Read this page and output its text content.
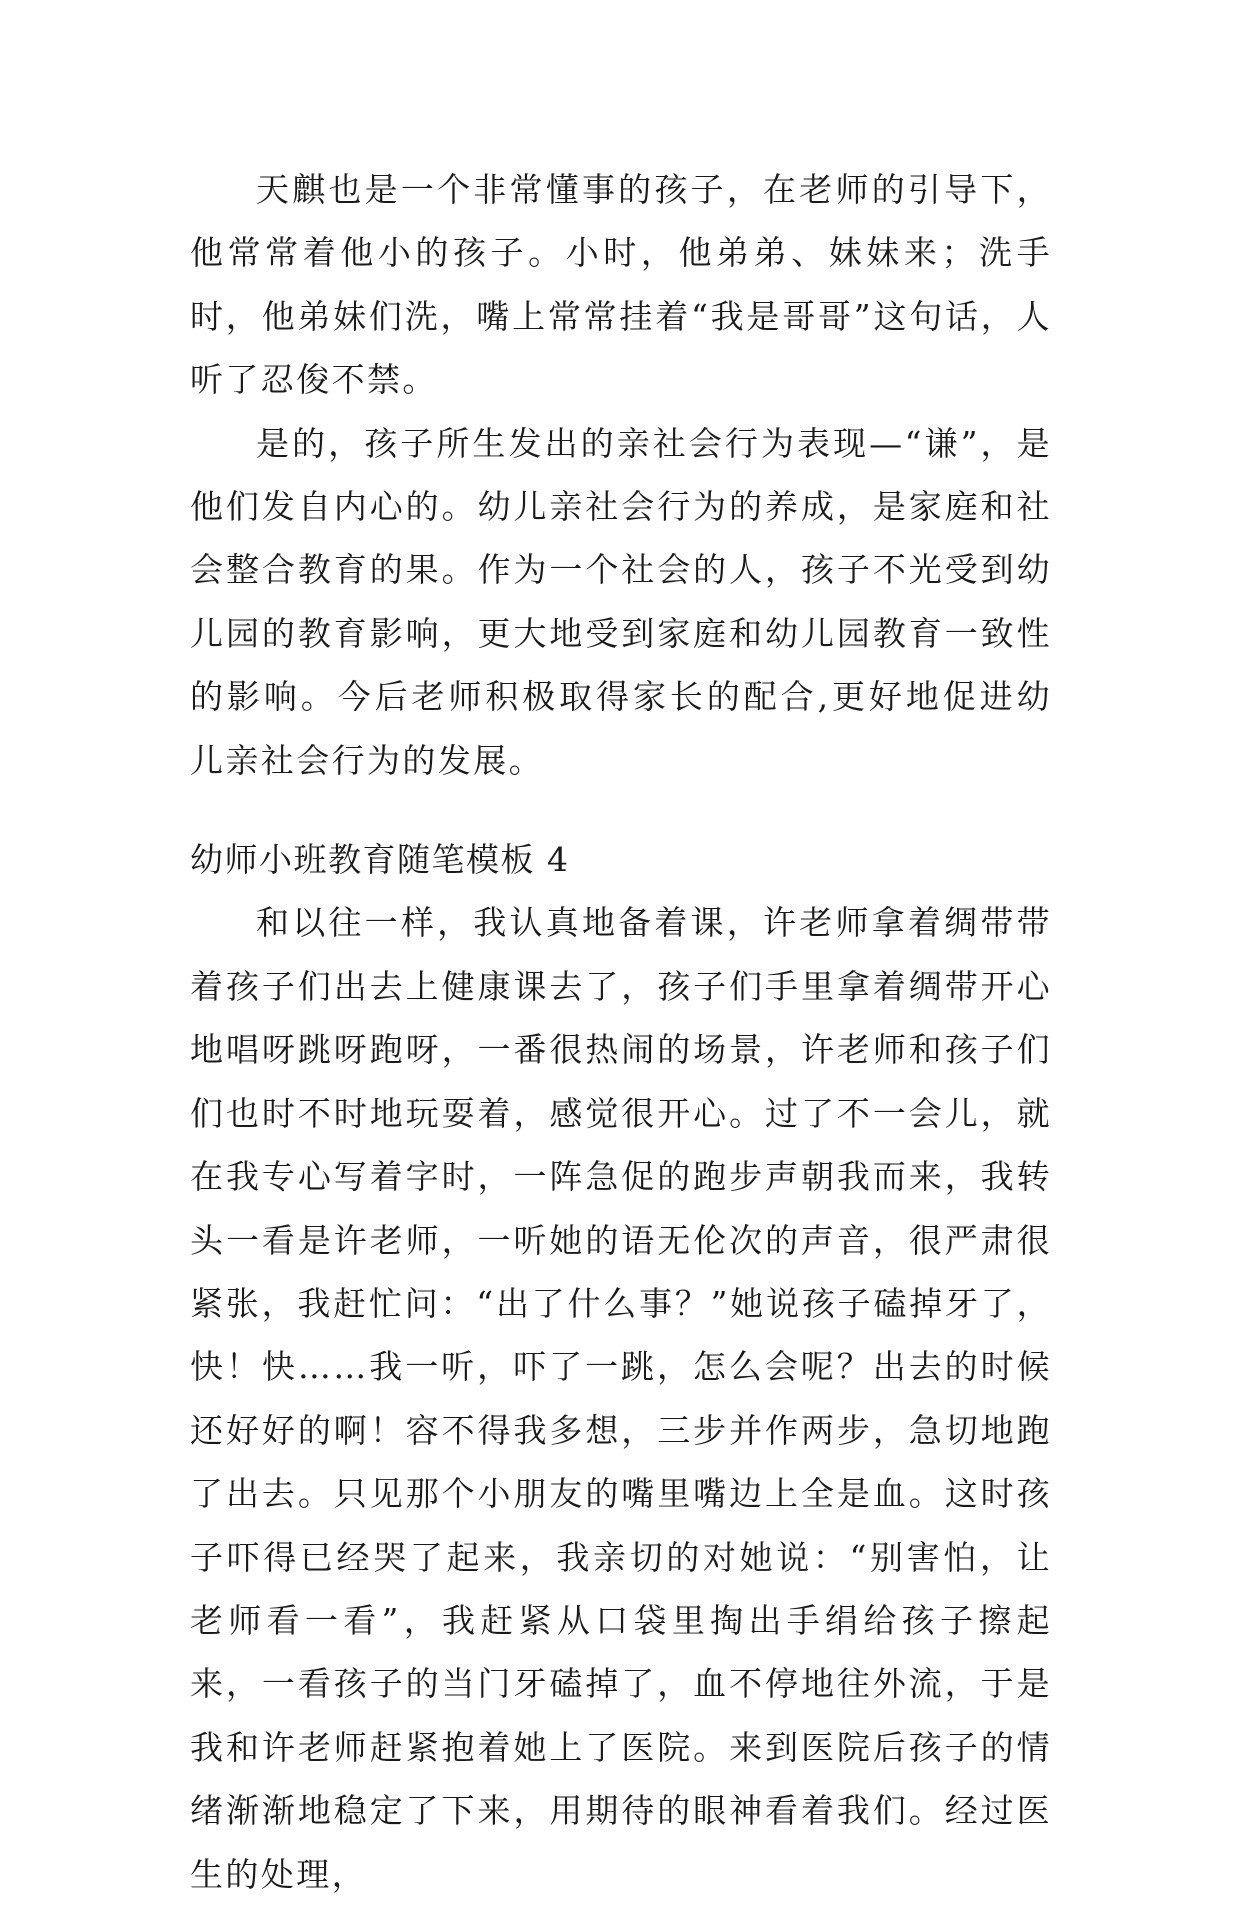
天麒也是一个非常懂事的孩子，在老师的引导下，他常常着他小的孩子。小时，他弟弟、妹妹来；洗手时，他弟妹们洗，嘴上常常挂着“我是哥哥”这句话，人听了忍俊不禁。

是的，孩子所生发出的亲社会行为表现—“谦”，是他们发自内心的。幼儿亲社会行为的养成，是家庭和社会整合教育的果。作为一个社会的人，孩子不光受到幼儿园的教育影响，更大地受到家庭和幼儿园教育一致性的影响。今后老师积极取得家长的配合,更好地促进幼儿亲社会行为的发展。

幼师小班教育随笔模板 4

和以往一样，我认真地备着课，许老师拿着绸带带着孩子们出去上健康课去了，孩子们手里拿着绸带开心地唱呀跳呀跑呀，一番很热闹的场景，许老师和孩子们们也时不时地玩耍着，感觉很开心。过了不一会儿，就在我专心写着字时，一阵急促的跑步声朝我而来，我转头一看是许老师，一听她的语无伦次的声音，很严肃很紧张，我赶忙问：“出了什么事？”她说孩子磕掉牙了，快！快……我一听，吓了一跳，怎么会呢？出去的时候还好好的啊！容不得我多想，三步并作两步，急切地跑了出去。只见那个小朋友的嘴里嘴边上全是血。这时孩子吓得已经哭了起来，我亲切的对她说：“别害怕，让老师看一看”，我赶紧从口袋里掏出手绢给孩子擦起来，一看孩子的当门牙磕掉了，血不停地往外流，于是我和许老师赶紧抱着她上了医院。来到医院后孩子的情绪渐渐地稳定了下来，用期待的眼神看着我们。经过医生的处理，
